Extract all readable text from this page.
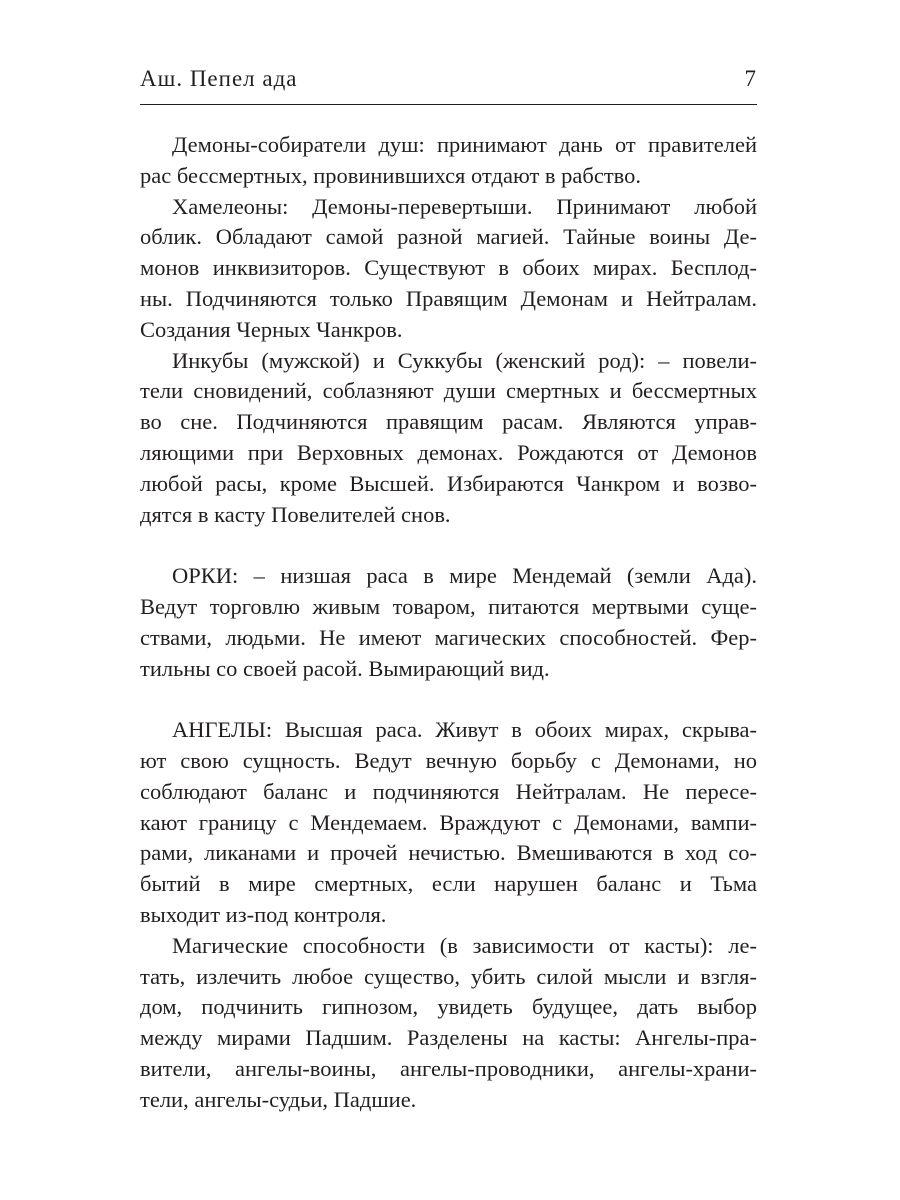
Аш. Пепел ада	7
Демоны-собиратели душ: принимают дань от правителей
рас бессмертных, провинившихся отдают в рабство.
Хамелеоны: Демоны-перевертыши. Принимают любой
облик. Обладают самой разной магией. Тайные воины Де-
монов инквизиторов. Существуют в обоих мирах. Бесплод-
ны. Подчиняются только Правящим Демонам и Нейтралам.
Создания Черных Чанкров.
Инкубы (мужской) и Суккубы (женский род): – повели-
тели сновидений, соблазняют души смертных и бессмертных
во сне. Подчиняются правящим расам. Являются управ-
ляющими при Верховных демонах. Рождаются от Демонов
любой расы, кроме Высшей. Избираются Чанкром и возво-
дятся в касту Повелителей снов.
ОРКИ: – низшая раса в мире Мендемай (земли Ада).
Ведут торговлю живым товаром, питаются мертвыми суще-
ствами, людьми. Не имеют магических способностей. Фер-
тильны со своей расой. Вымирающий вид.
АНГЕЛЫ: Высшая раса. Живут в обоих мирах, скрыва-
ют свою сущность. Ведут вечную борьбу с Демонами, но
соблюдают баланс и подчиняются Нейтралам. Не пересе-
кают границу с Мендемаем. Враждуют с Демонами, вампи-
рами, ликанами и прочей нечистью. Вмешиваются в ход со-
бытий в мире смертных, если нарушен баланс и Тьма
выходит из-под контроля.
Магические способности (в зависимости от касты): ле-
тать, излечить любое существо, убить силой мысли и взгля-
дом, подчинить гипнозом, увидеть будущее, дать выбор
между мирами Падшим. Разделены на касты: Ангелы-пра-
вители, ангелы-воины, ангелы-проводники, ангелы-храни-
тели, ангелы-судьи, Падшие.
